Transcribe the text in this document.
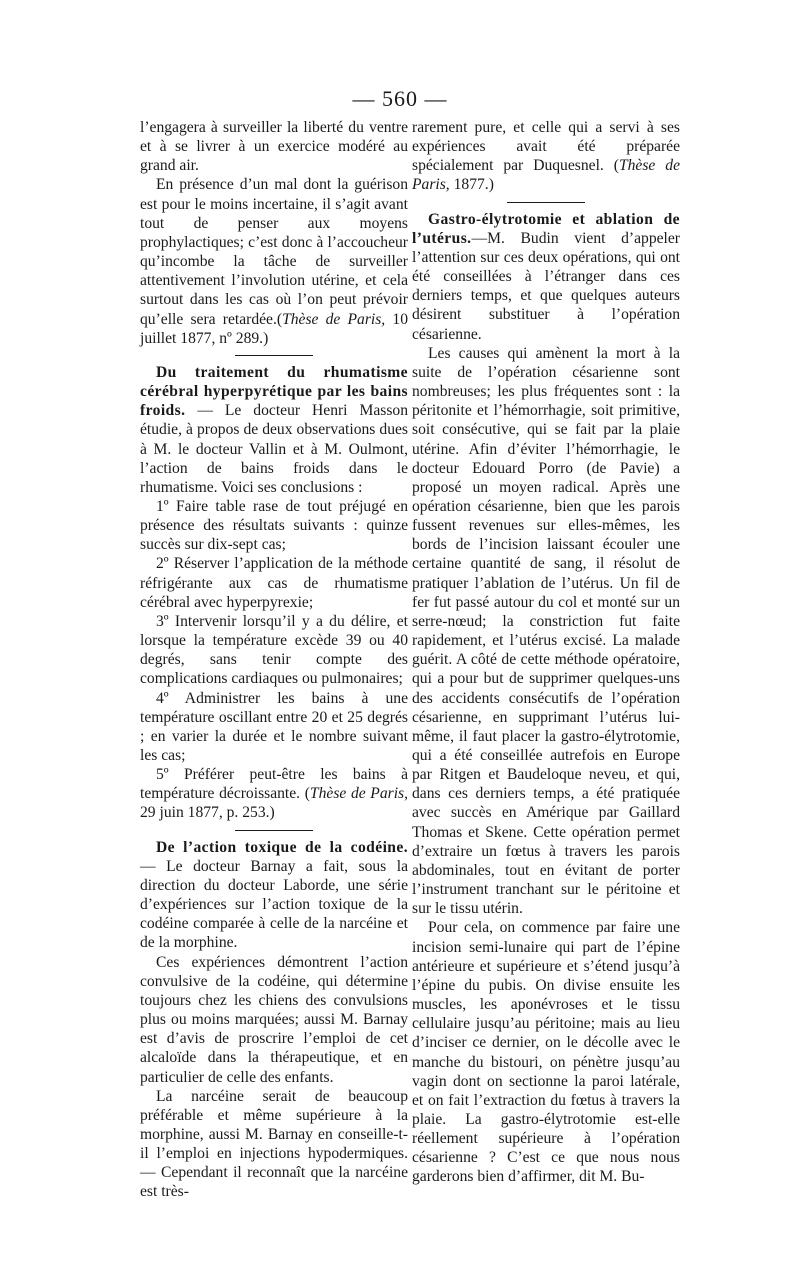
— 560 —

l’engagera à surveiller la liberté du ventre et à se livrer à un exercice modéré au grand air.

En présence d’un mal dont la guérison est pour le moins incertaine, il s’agit avant tout de penser aux moyens prophylactiques; c’est donc à l’accoucheur qu’incombe la tâche de surveiller attentivement l’involution utérine, et cela surtout dans les cas où l’on peut prévoir qu’elle sera retardée.(Thèse de Paris, 10 juillet 1877, nº 289.)

Du traitement du rhumatisme cérébral hyperpyrétique par les bains froids. — Le docteur Henri Masson étudie, à propos de deux observations dues à M. le docteur Vallin et à M. Oulmont, l’action de bains froids dans le rhumatisme. Voici ses conclusions :

1º Faire table rase de tout préjugé en présence des résultats suivants : quinze succès sur dix-sept cas;

2º Réserver l’application de la méthode réfrigérante aux cas de rhumatisme cérébral avec hyperpyrexie;

3º Intervenir lorsqu’il y a du délire, et lorsque la température excède 39 ou 40 degrés, sans tenir compte des complications cardiaques ou pulmonaires;

4º Administrer les bains à une température oscillant entre 20 et 25 degrés ; en varier la durée et le nombre suivant les cas;

5º Préférer peut-être les bains à température décroissante. (Thèse de Paris, 29 juin 1877, p. 253.)

De l’action toxique de la codéine. — Le docteur Barnay a fait, sous la direction du docteur Laborde, une série d’expériences sur l’action toxique de la codéine comparée à celle de la narcéine et de la morphine.

Ces expériences démontrent l’action convulsive de la codéine, qui détermine toujours chez les chiens des convulsions plus ou moins marquées; aussi M. Barnay est d’avis de proscrire l’emploi de cet alcaloïde dans la thérapeutique, et en particulier de celle des enfants.

La narcéine serait de beaucoup préférable et même supérieure à la morphine, aussi M. Barnay en conseille-t-il l’emploi en injections hypodermiques. — Cependant il reconnaît que la narcéine est très-

rarement pure, et celle qui a servi à ses expériences avait été préparée spécialement par Duquesnel. (Thèse de Paris, 1877.)

Gastro-élytrotomie et ablation de l’utérus.—M. Budin vient d’appeler l’attention sur ces deux opérations, qui ont été conseillées à l’étranger dans ces derniers temps, et que quelques auteurs désirent substituer à l’opération césarienne.

Les causes qui amènent la mort à la suite de l’opération césarienne sont nombreuses; les plus fréquentes sont : la péritonite et l’hémorrhagie, soit primitive, soit consécutive, qui se fait par la plaie utérine. Afin d’éviter l’hémorrhagie, le docteur Edouard Porro (de Pavie) a proposé un moyen radical. Après une opération césarienne, bien que les parois fussent revenues sur elles-mêmes, les bords de l’incision laissant écouler une certaine quantité de sang, il résolut de pratiquer l’ablation de l’utérus. Un fil de fer fut passé autour du col et monté sur un serre-nœud; la constriction fut faite rapidement, et l’utérus excisé. La malade guérit. A côté de cette méthode opératoire, qui a pour but de supprimer quelques-uns des accidents consécutifs de l’opération césarienne, en supprimant l’utérus lui-même, il faut placer la gastro-élytrotomie, qui a été conseillée autrefois en Europe par Ritgen et Baudeloque neveu, et qui, dans ces derniers temps, a été pratiquée avec succès en Amérique par Gaillard Thomas et Skene. Cette opération permet d’extraire un fœtus à travers les parois abdominales, tout en évitant de porter l’instrument tranchant sur le péritoine et sur le tissu utérin.

Pour cela, on commence par faire une incision semi-lunaire qui part de l’épine antérieure et supérieure et s’étend jusqu’à l’épine du pubis. On divise ensuite les muscles, les aponévroses et le tissu cellulaire jusqu’au péritoine; mais au lieu d’inciser ce dernier, on le décolle avec le manche du bistouri, on pénètre jusqu’au vagin dont on sectionne la paroi latérale, et on fait l’extraction du fœtus à travers la plaie. La gastro-élytrotomie est-elle réellement supérieure à l’opération césarienne ? C’est ce que nous nous garderons bien d’affirmer, dit M. Bu-
